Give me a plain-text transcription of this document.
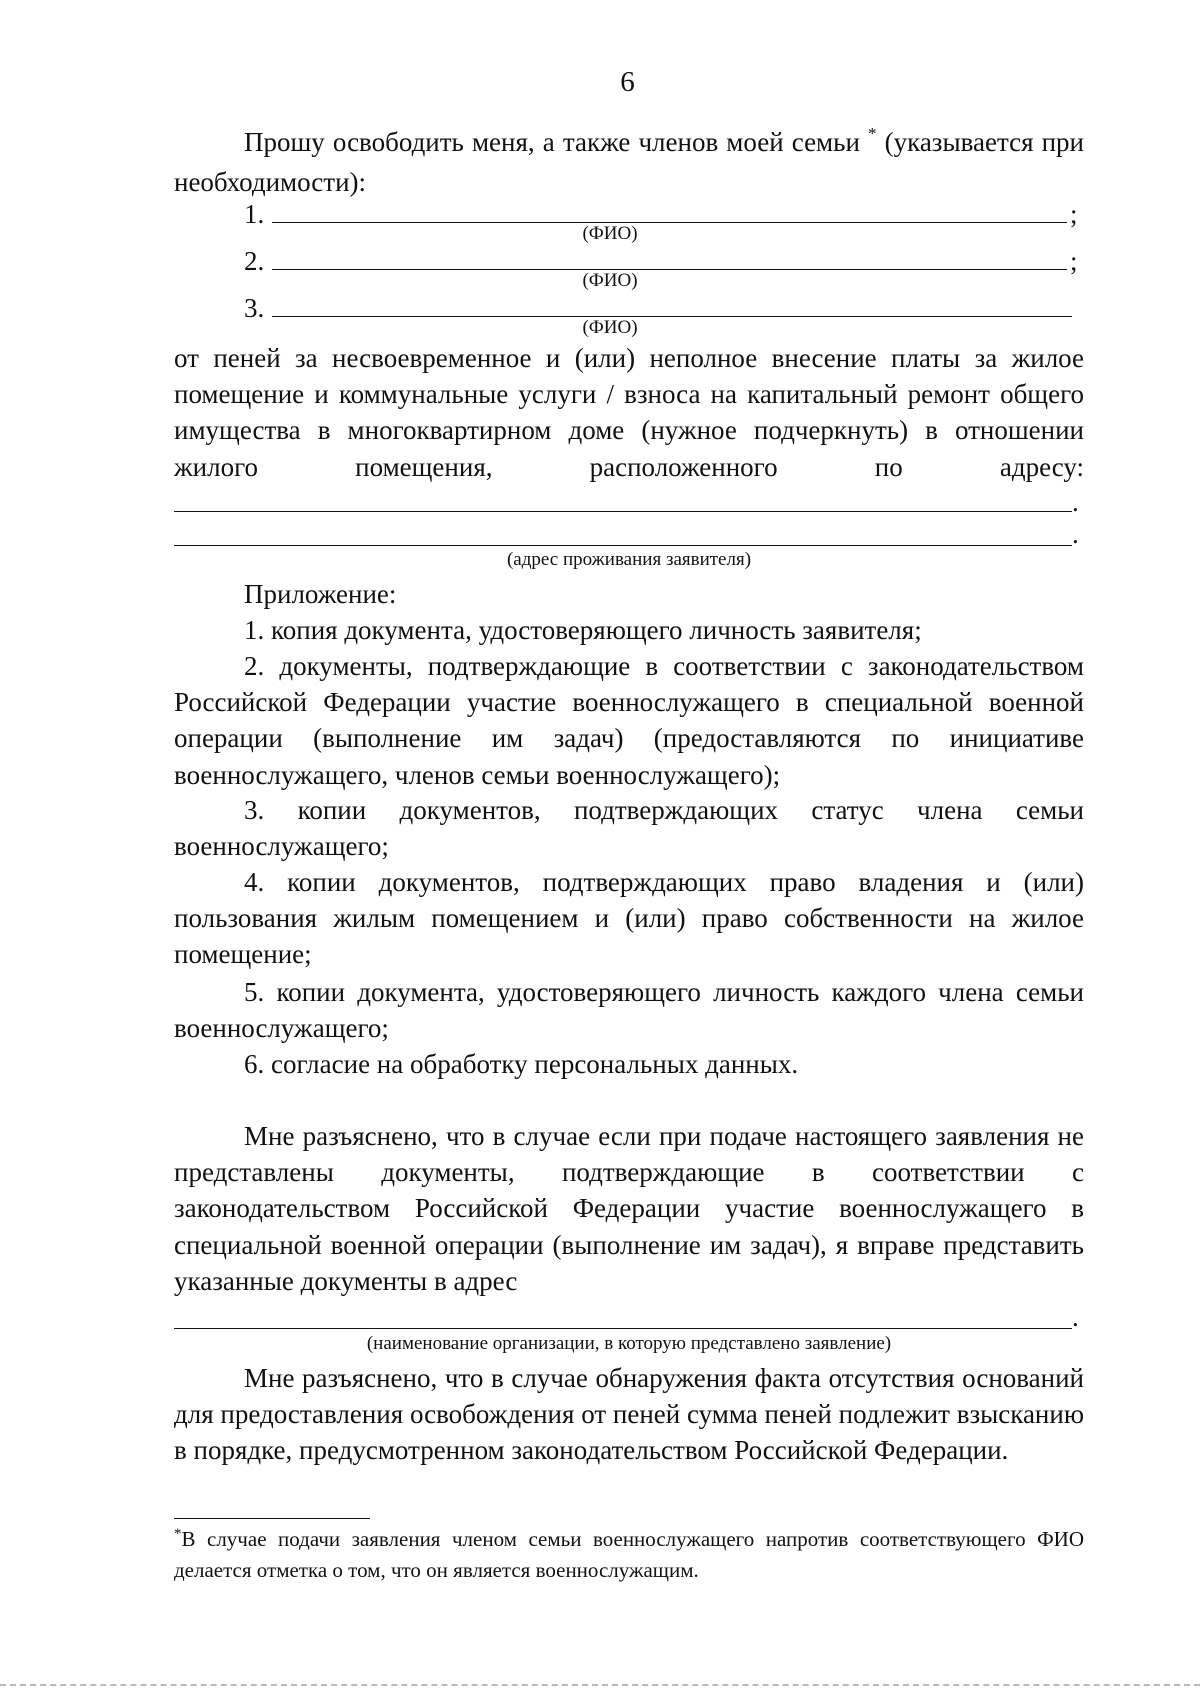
6
Прошу освободить меня, а также членов моей семьи * (указывается при необходимости):
1.	;
(ФИО)
2.	;
(ФИО)
3.
(ФИО)
от пеней за несвоевременное и (или) неполное внесение платы за жилое помещение и коммунальные услуги / взноса на капитальный ремонт общего имущества в многоквартирном доме (нужное подчеркнуть) в отношении жилого помещения, расположенного по адресу:
.
.
(адрес проживания заявителя)
Приложение:
1. копия документа, удостоверяющего личность заявителя;
2. документы, подтверждающие в соответствии с законодательством Российской Федерации участие военнослужащего в специальной военной операции (выполнение им задач) (предоставляются по инициативе военнослужащего, членов семьи военнослужащего);
3. копии документов, подтверждающих статус члена семьи военнослужащего;
4. копии документов, подтверждающих право владения и (или) пользования жилым помещением и (или) право собственности на жилое помещение;
5. копии документа, удостоверяющего личность каждого члена семьи военнослужащего;
6. согласие на обработку персональных данных.
Мне разъяснено, что в случае если при подаче настоящего заявления не представлены документы, подтверждающие в соответствии с законодательством Российской Федерации участие военнослужащего в специальной военной операции (выполнение им задач), я вправе представить указанные документы в адрес
.
(наименование организации, в которую представлено заявление)
Мне разъяснено, что в случае обнаружения факта отсутствия оснований для предоставления освобождения от пеней сумма пеней подлежит взысканию в порядке, предусмотренном законодательством Российской Федерации.
*В случае подачи заявления членом семьи военнослужащего напротив соответствующего ФИО делается отметка о том, что он является военнослужащим.
